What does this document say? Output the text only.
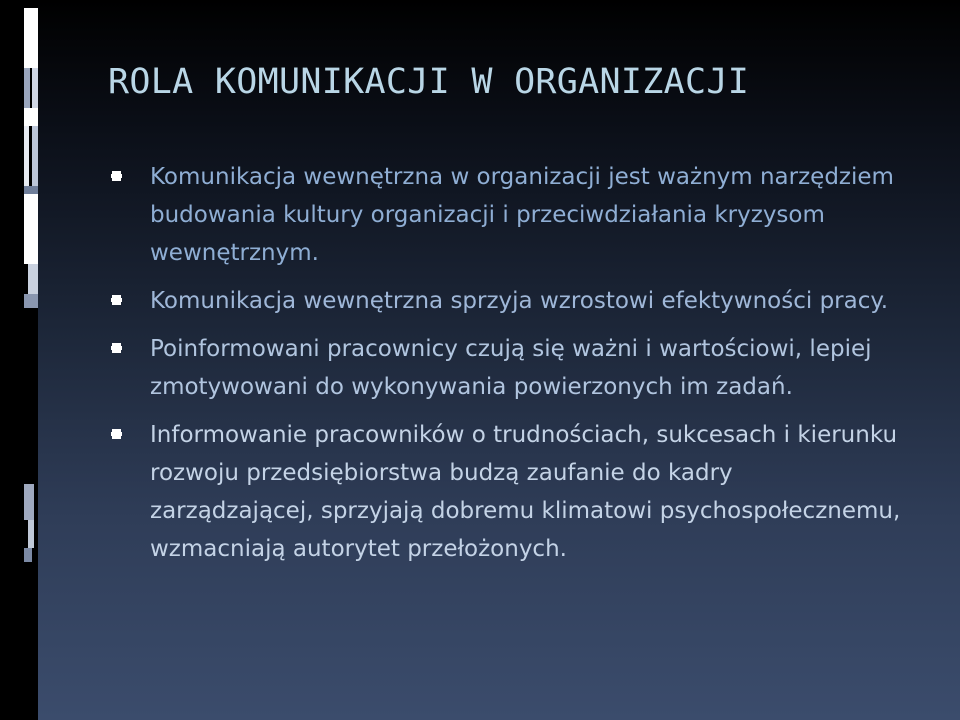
ROLA KOMUNIKACJI W ORGANIZACJI
Komunikacja wewnętrzna w organizacji jest ważnym narzędziem budowania kultury organizacji i przeciwdziałania kryzysom wewnętrznym.
Komunikacja wewnętrzna sprzyja wzrostowi efektywności pracy.
Poinformowani pracownicy czują się ważni i wartościowi, lepiej zmotywowani do wykonywania powierzonych im zadań.
Informowanie pracowników o trudnościach, sukcesach i kierunku rozwoju przedsiębiorstwa budzą zaufanie do kadry zarządzającej, sprzyjają dobremu klimatowi psychospołecznemu, wzmacniają autorytet przełożonych.
